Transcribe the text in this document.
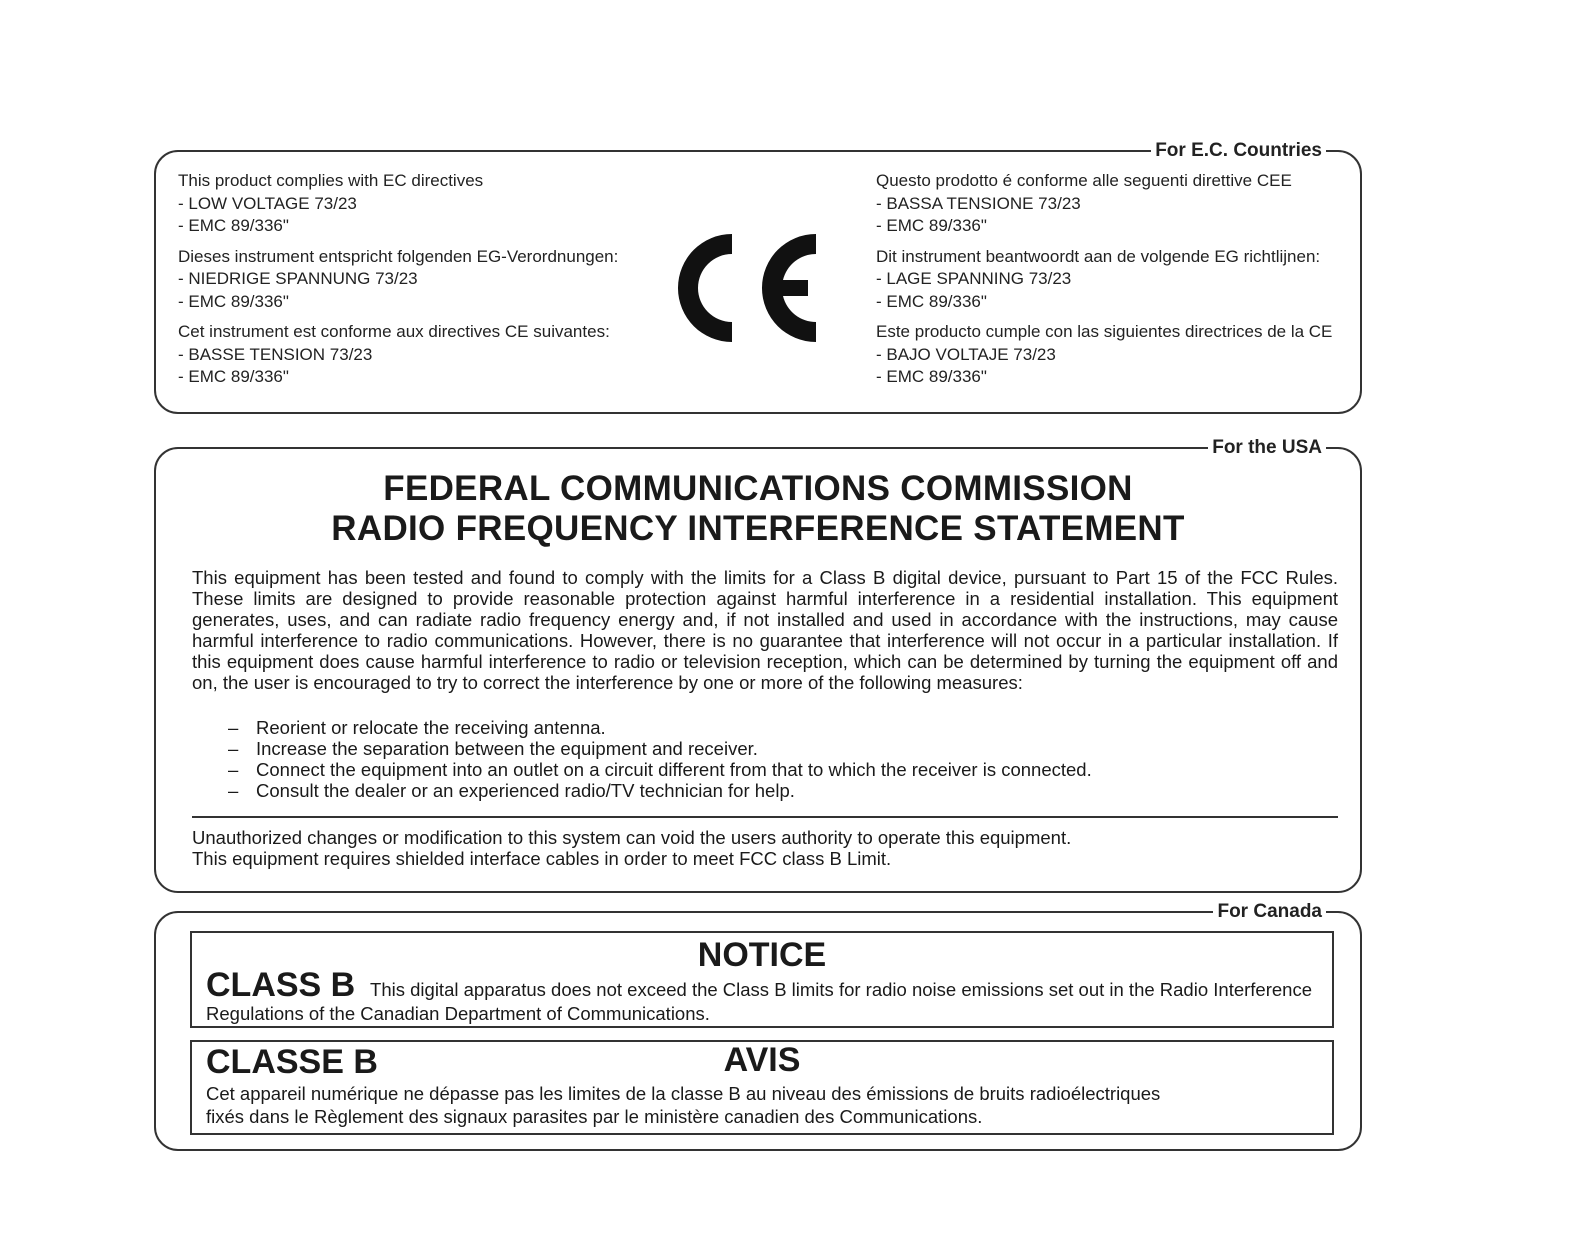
For E.C. Countries
This product complies with EC directives
- LOW VOLTAGE 73/23
- EMC 89/336"
Dieses instrument entspricht folgenden EG-Verordnungen:
- NIEDRIGE SPANNUNG 73/23
- EMC 89/336"
Cet instrument est conforme aux directives CE suivantes:
- BASSE TENSION 73/23
- EMC 89/336"
Questo prodotto é conforme alle seguenti direttive CEE
- BASSA TENSIONE 73/23
- EMC 89/336"
Dit instrument beantwoordt aan de volgende EG richtlijnen:
- LAGE SPANNING 73/23
- EMC 89/336"
Este producto cumple con las siguientes directrices de la CE
- BAJO VOLTAJE 73/23
- EMC 89/336"
For the USA
FEDERAL COMMUNICATIONS COMMISSION
RADIO FREQUENCY INTERFERENCE STATEMENT
This equipment has been tested and found to comply with the limits for a Class B digital device, pursuant to Part 15 of the FCC Rules. These limits are designed to provide reasonable protection against harmful interference in a residential installation. This equipment generates, uses, and can radiate radio frequency energy and, if not installed and used in accordance with the instructions, may cause harmful interference to radio communications. However, there is no guarantee that interference will not occur in a particular installation. If this equipment does cause harmful interference to radio or television reception, which can be determined by turning the equipment off and on, the user is encouraged to try to correct the interference by one or more of the following measures:
– Reorient or relocate the receiving antenna.
– Increase the separation between the equipment and receiver.
– Connect the equipment into an outlet on a circuit different from that to which the receiver is connected.
– Consult the dealer or an experienced radio/TV technician for help.
Unauthorized changes or modification to this system can void the users authority to operate this equipment.
This equipment requires shielded interface cables in order to meet FCC class B Limit.
For Canada
NOTICE
CLASS B This digital apparatus does not exceed the Class B limits for radio noise emissions set out in the Radio Interference Regulations of the Canadian Department of Communications.
AVIS
CLASSE B
Cet appareil numérique ne dépasse pas les limites de la classe B au niveau des émissions de bruits radioélectriques
fixés dans le Règlement des signaux parasites par le ministère canadien des Communications.
